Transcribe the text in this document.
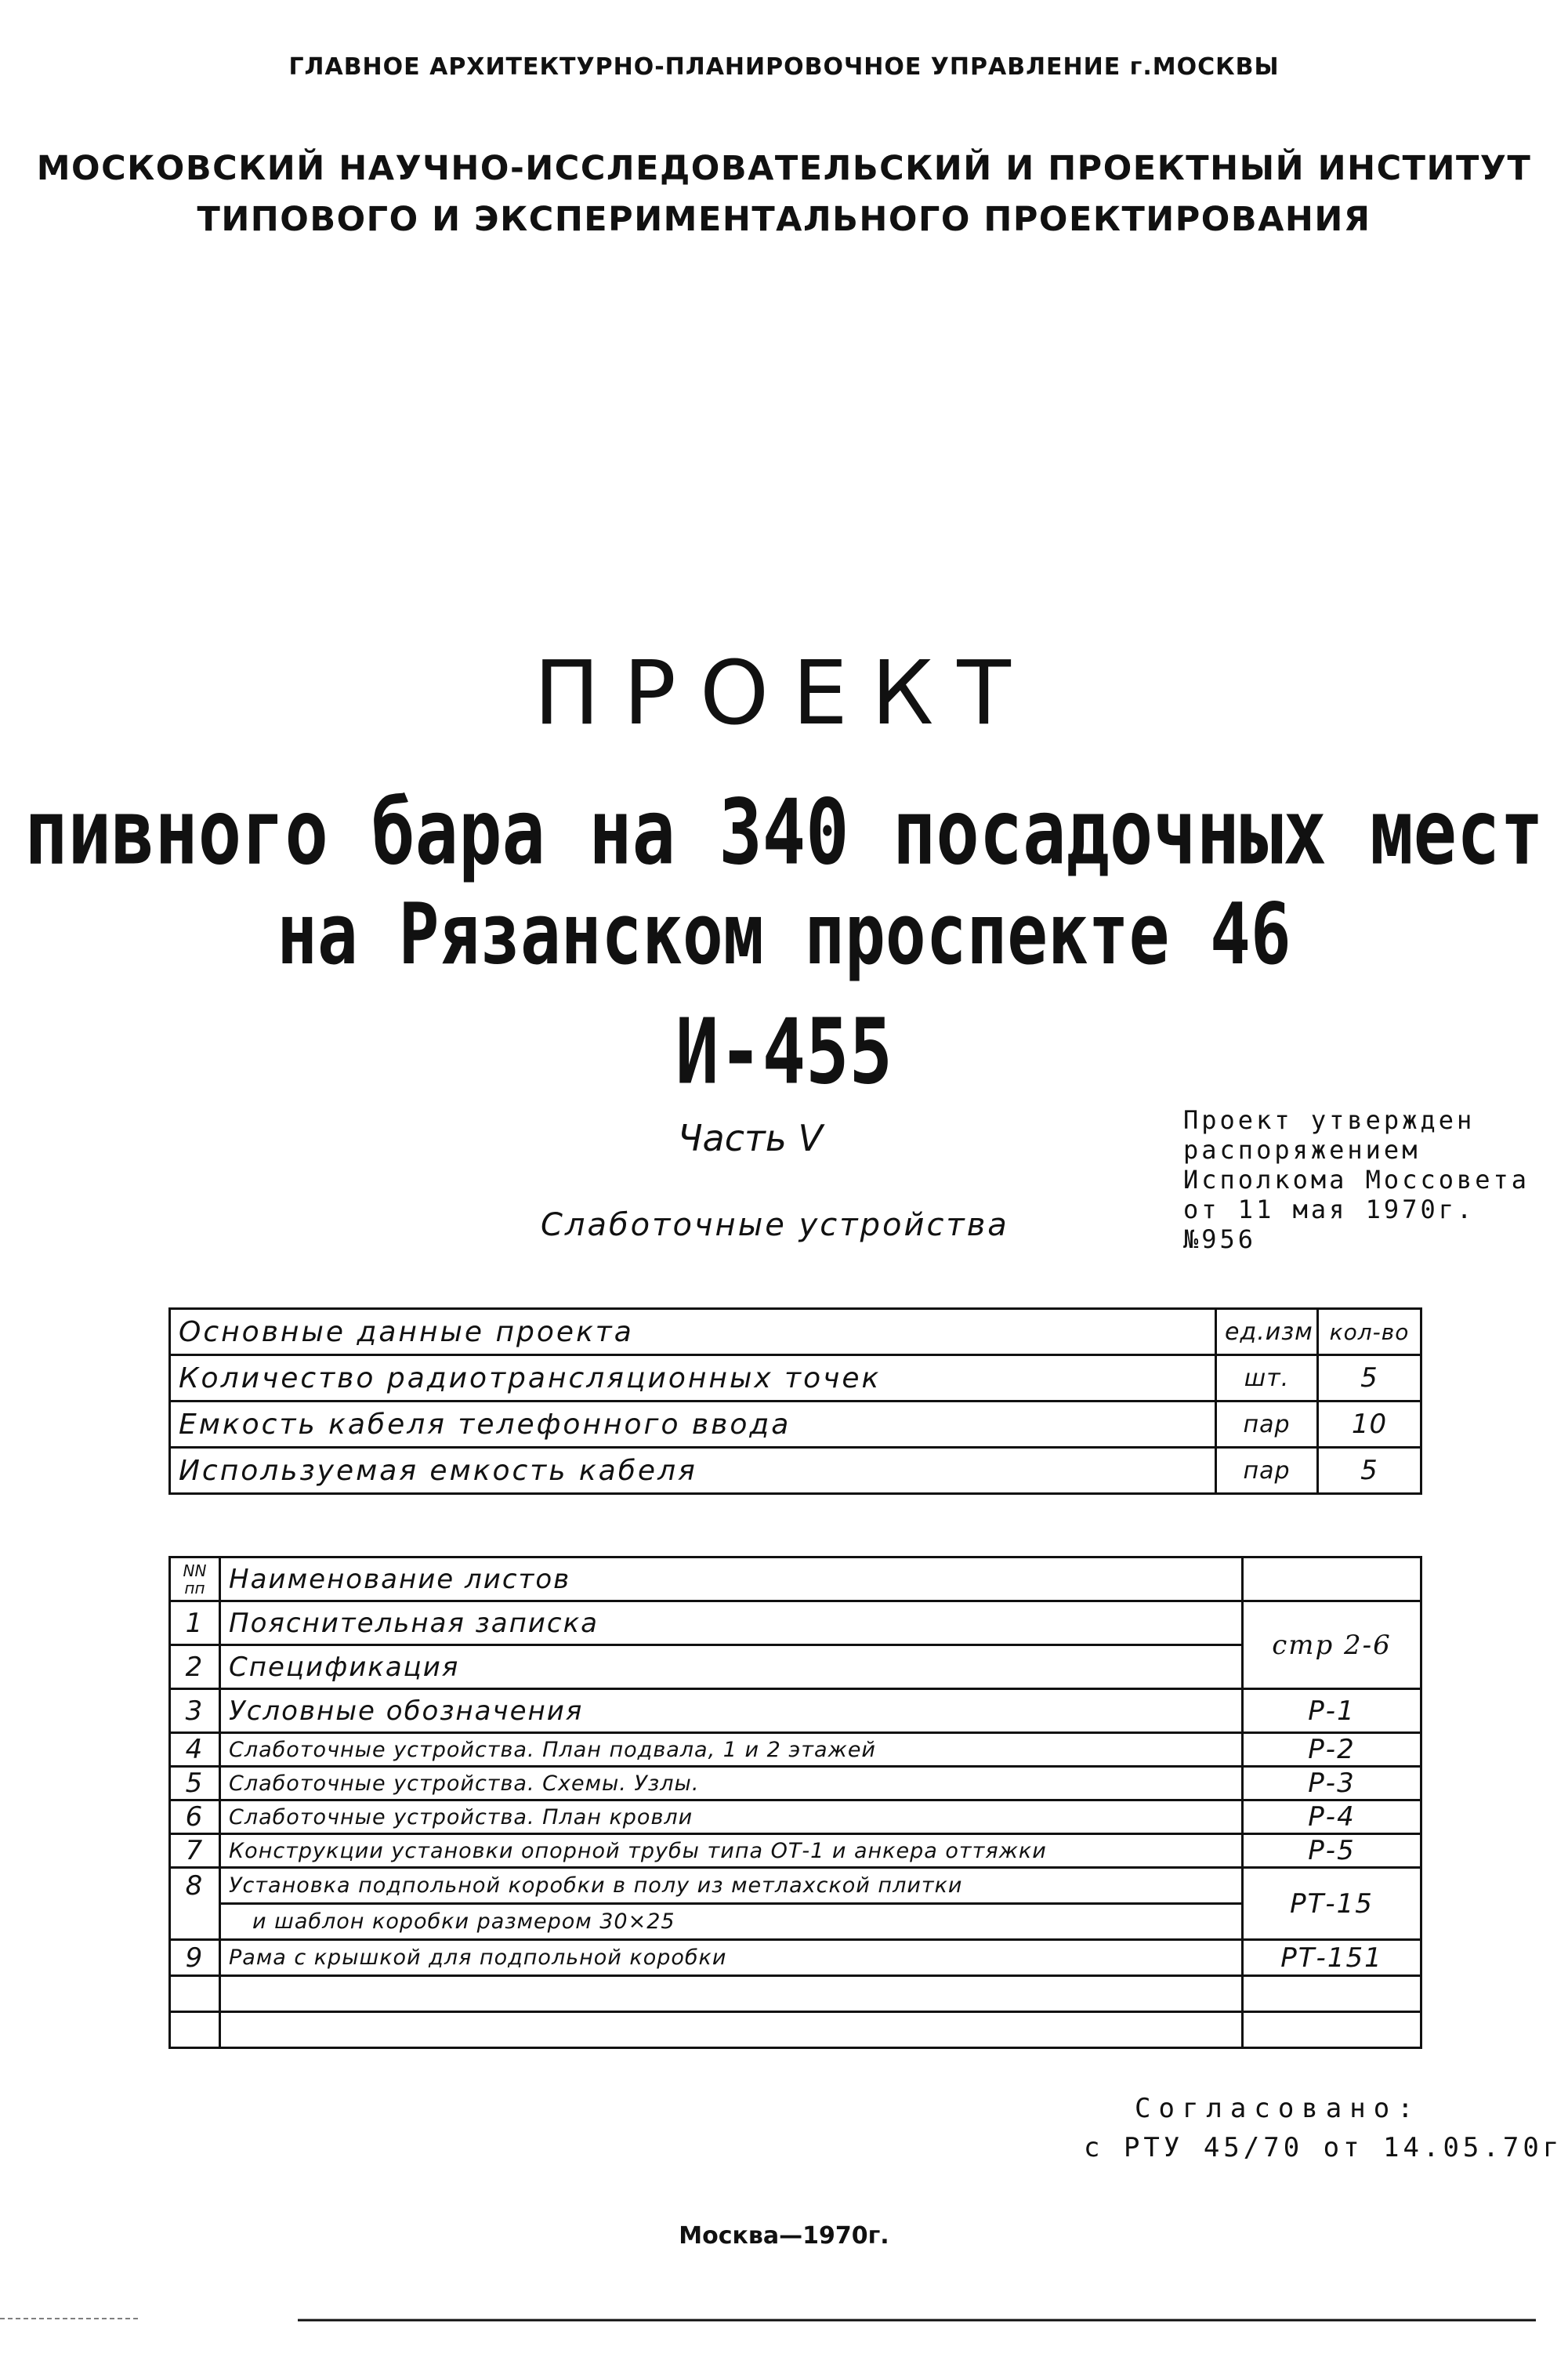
ГЛАВНОЕ АРХИТЕКТУРНО-ПЛАНИРОВОЧНОЕ УПРАВЛЕНИЕ г.МОСКВЫ
МОСКОВСКИЙ НАУЧНО-ИССЛЕДОВАТЕЛЬСКИЙ И ПРОЕКТНЫЙ ИНСТИТУТ
ТИПОВОГО И ЭКСПЕРИМЕНТАЛЬНОГО ПРОЕКТИРОВАНИЯ
ПРОЕКТ
пивного бара на 340 посадочных мест
на Рязанском проспекте 46
И-455
Часть V
Слаботочные устройства
Проект утвержден
распоряжением
Исполкома Моссовета
от 11 мая 1970г.
№956
Основные данные проекта	ед.изм	кол-во
Количество радиотрансляционных точек	шт.	5
Емкость кабеля телефонного ввода	пар	10
Используемая емкость кабеля	пар	5
NN
пп	Наименование листов	
1	Пояснительная записка	стр 2-6
2	Спецификация	
3	Условные обозначения	Р-1
4	Слаботочные устройства. План подвала, 1 и 2 этажей	Р-2
5	Слаботочные устройства. Схемы. Узлы.	Р-3
6	Слаботочные устройства. План кровли	Р-4
7	Конструкции установки опорной трубы типа ОТ-1 и анкера оттяжки	Р-5
8	Установка подпольной коробки в полу из метлахской плитки	РТ-15
	и шаблон коробки размером 30×25	
9	Рама с крышкой для подпольной коробки	РТ-151

Согласовано:
с РТУ 45/70 от 14.05.70г
Москва—1970г.
